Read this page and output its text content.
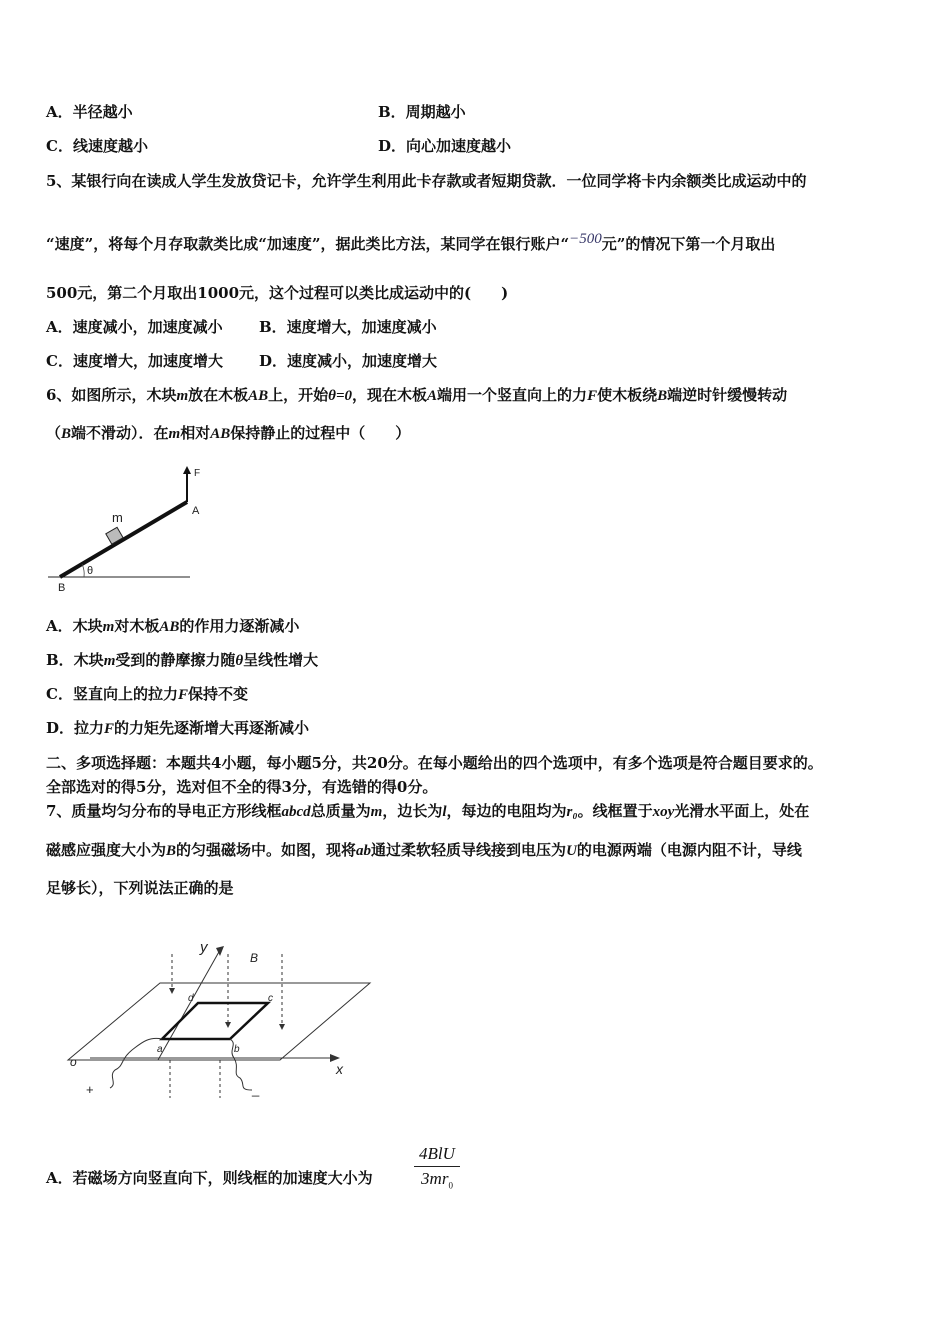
A．半径越小	B．周期越小
C．线速度越小	D．向心加速度越小
5、某银行向在读成人学生发放贷记卡，允许学生利用此卡存款或者短期贷款．一位同学将卡内余额类比成运动中的
“速度”，将每个月存取款类比成“加速度”，据此类比方法，某同学在银行账户“−500元”的情况下第一个月取出
500元，第二个月取出1000元，这个过程可以类比成运动中的(　　)
A．速度减小，加速度减小 B．速度增大，加速度减小
C．速度增大，加速度增大 D．速度减小，加速度增大
6、如图所示，木块m放在木板AB上，开始θ=0，现在木板A端用一个竖直向上的力F使木板绕B端逆时针缓慢转动
（B端不滑动）．在m相对AB保持静止的过程中（　　）
F
A
m
B
θ
A．木块m对木板AB的作用力逐渐减小
B．木块m受到的静摩擦力随θ呈线性增大
C．竖直向上的拉力F保持不变
D．拉力F的力矩先逐渐增大再逐渐减小
二、多项选择题：本题共4小题，每小题5分，共20分。在每小题给出的四个选项中，有多个选项是符合题目要求的。
全部选对的得5分，选对但不全的得3分，有选错的得0分。
7、质量均匀分布的导电正方形线框abcd总质量为m，边长为l，每边的电阻均为r₀。线框置于xoy光滑水平面上，处在
磁感应强度大小为B的匀强磁场中。如图，现将ab通过柔软轻质导线接到电压为U的电源两端（电源内阻不计，导线
足够长），下列说法正确的是
y
B
d	c
a	b
o	x
+	_
A．若磁场方向竖直向下，则线框的加速度大小为
4BlU
$3mr_0$
